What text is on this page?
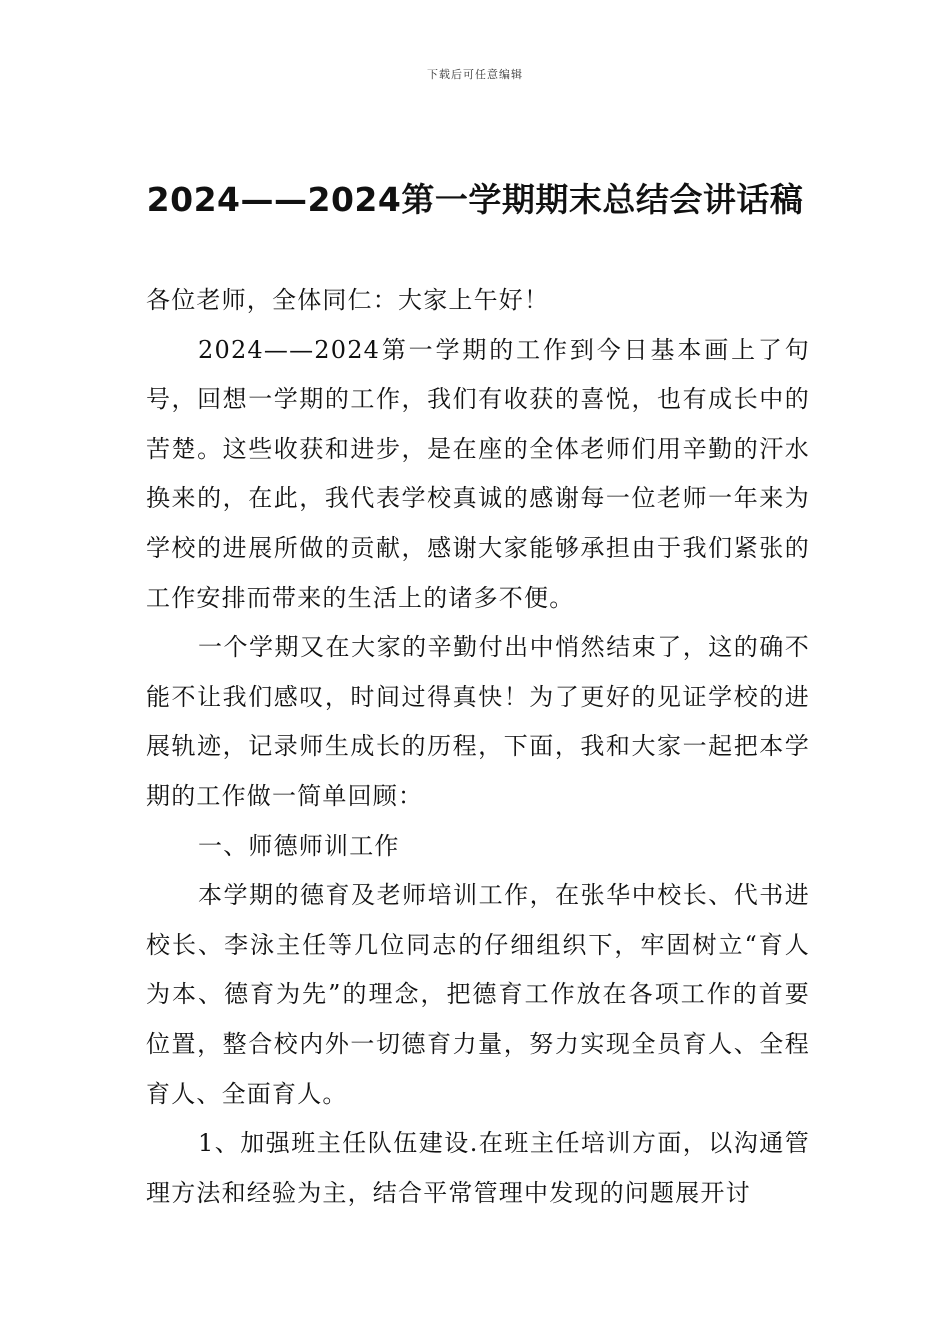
下载后可任意编辑
2024——2024第一学期期末总结会讲话稿

各位老师，全体同仁：大家上午好！

2024——2024第一学期的工作到今日基本画上了句号，回想一学期的工作，我们有收获的喜悦，也有成长中的苦楚。这些收获和进步，是在座的全体老师们用辛勤的汗水换来的，在此，我代表学校真诚的感谢每一位老师一年来为学校的进展所做的贡献，感谢大家能够承担由于我们紧张的工作安排而带来的生活上的诸多不便。

一个学期又在大家的辛勤付出中悄然结束了，这的确不能不让我们感叹，时间过得真快！为了更好的见证学校的进展轨迹，记录师生成长的历程，下面，我和大家一起把本学期的工作做一简单回顾：

一、师德师训工作

本学期的德育及老师培训工作，在张华中校长、代书进校长、李泳主任等几位同志的仔细组织下，牢固树立“育人为本、德育为先”的理念，把德育工作放在各项工作的首要位置，整合校内外一切德育力量，努力实现全员育人、全程育人、全面育人。

1、加强班主任队伍建设.在班主任培训方面，以沟通管理方法和经验为主，结合平常管理中发现的问题展开讨
